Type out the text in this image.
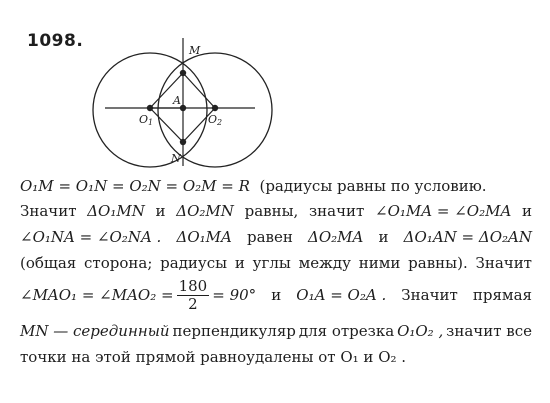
M
A
N
O1	O2
1098.
O₁M = O₁N = O₂N = O₂M = R (радиусы равны по условию.
Значит ΔO₁MN и ΔO₂MN равны, значит ∠O₁MA = ∠O₂MA и
∠O₁NA = ∠O₂NA . ΔO₁MA равен ΔO₂MA и ΔO₁AN = ΔO₂AN
(общая сторона; радиусы и углы между ними равны). Значит
∠MAO₁ = ∠MAO₂ = $\frac{180}{2} = 90^\circ$ и O₁A = O₂A . Значит прямая
MN — серединный перпендикуляр для отрезка O₁O₂ , значит все
точки на этой прямой равноудалены от O₁ и O₂ .
